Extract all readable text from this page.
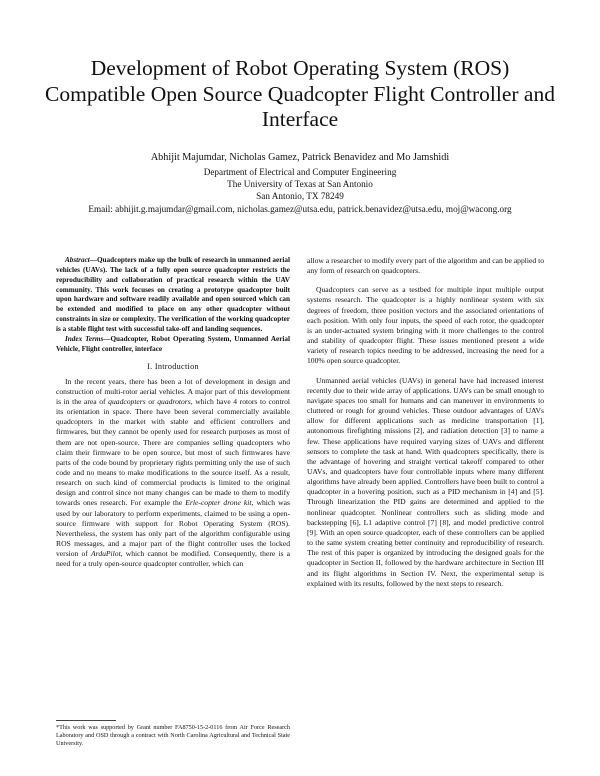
Development of Robot Operating System (ROS) Compatible Open Source Quadcopter Flight Controller and Interface
Abhijit Majumdar, Nicholas Gamez, Patrick Benavidez and Mo Jamshidi
Department of Electrical and Computer Engineering
The University of Texas at San Antonio
San Antonio, TX 78249
Email: abhijit.g.majumdar@gmail.com, nicholas.gamez@utsa.edu, patrick.benavidez@utsa.edu, moj@wacong.org

Abstract—Quadcopters make up the bulk of research in unmanned aerial vehicles (UAVs). The lack of a fully open source quadcopter restricts the reproducibility and collaboration of practical research within the UAV community. This work focuses on creating a prototype quadcopter built upon hardware and software readily available and open sourced which can be extended and modified to place on any other quadcopter without constraints in size or complexity. The verification of the working quadcopter is a stable flight test with successful take-off and landing sequences.

Index Terms—Quadcopter, Robot Operating System, Unmanned Aerial Vehicle, Flight controller, interface

I. Introduction

In the recent years, there has been a lot of development in design and construction of multi-rotor aerial vehicles. A major part of this development is in the area of quadcopters or quadrotors, which have 4 rotors to control its orientation in space. There have been several commercially available quadcopters in the market with stable and efficient controllers and firmwares, but they cannot be openly used for research purposes as most of them are not open-source. There are companies selling quadcopters who claim their firmware to be open source, but most of such firmwares have parts of the code bound by proprietary rights permitting only the use of such code and no means to make modifications to the source itself. As a result, research on such kind of commercial products is limited to the original design and control since not many changes can be made to them to modify towards ones research. For example the Erle-copter drone kit, which was used by our laboratory to perform experiments, claimed to be using a open-source firmware with support for Robot Operating System (ROS). Nevertheless, the system has only part of the algorithm configurable using ROS messages, and a major part of the flight controller uses the locked version of ArduPilot, which cannot be modified. Consequently, there is a need for a truly open-source quadcopter controller, which can

*This work was supported by Grant number FA8750-15-2-0116 from Air Force Research Laboratory and OSD through a contract with North Carolina Agricultural and Technical State University.

allow a researcher to modify every part of the algorithm and can be applied to any form of research on quadcopters.

Quadcopters can serve as a testbed for multiple input multiple output systems research. The quadcopter is a highly nonlinear system with six degrees of freedom, three position vectors and the associated orientations of each position. With only four inputs, the speed of each rotor, the quadcopter is an under-actuated system bringing with it more challenges to the control and stability of quadcopter flight. These issues mentioned present a wide variety of research topics needing to be addressed, increasing the need for a 100% open source quadcopter.

Unmanned aerial vehicles (UAVs) in general have had increased interest recently due to their wide array of applications. UAVs can be small enough to navigate spaces too small for humans and can maneuver in environments to cluttered or rough for ground vehicles. These outdoor advantages of UAVs allow for different applications such as medicine transportation [1], autonomous firefighting missions [2], and radiation detection [3] to name a few. These applications have required varying sizes of UAVs and different sensors to complete the task at hand. With quadcopters specifically, there is the advantage of hovering and straight vertical takeoff compared to other UAVs, and quadcopters have four controllable inputs where many different algorithms have already been applied. Controllers have been built to control a quadcopter in a hovering position, such as a PID mechanism in [4] and [5]. Through linearization the PID gains are determined and applied to the nonlinear quadcopter. Nonlinear controllers such as sliding mode and backstepping [6], L1 adaptive control [7] [8], and model predictive control [9]. With an open source quadcopter, each of these controllers can be applied to the same system creating better continuity and reproducibility of research. The rest of this paper is organized by introducing the designed goals for the quadcopter in Section II, followed by the hardware architecture in Section III and its flight algorithms in Section IV. Next, the experimental setup is explained with its results, followed by the next steps to research.
